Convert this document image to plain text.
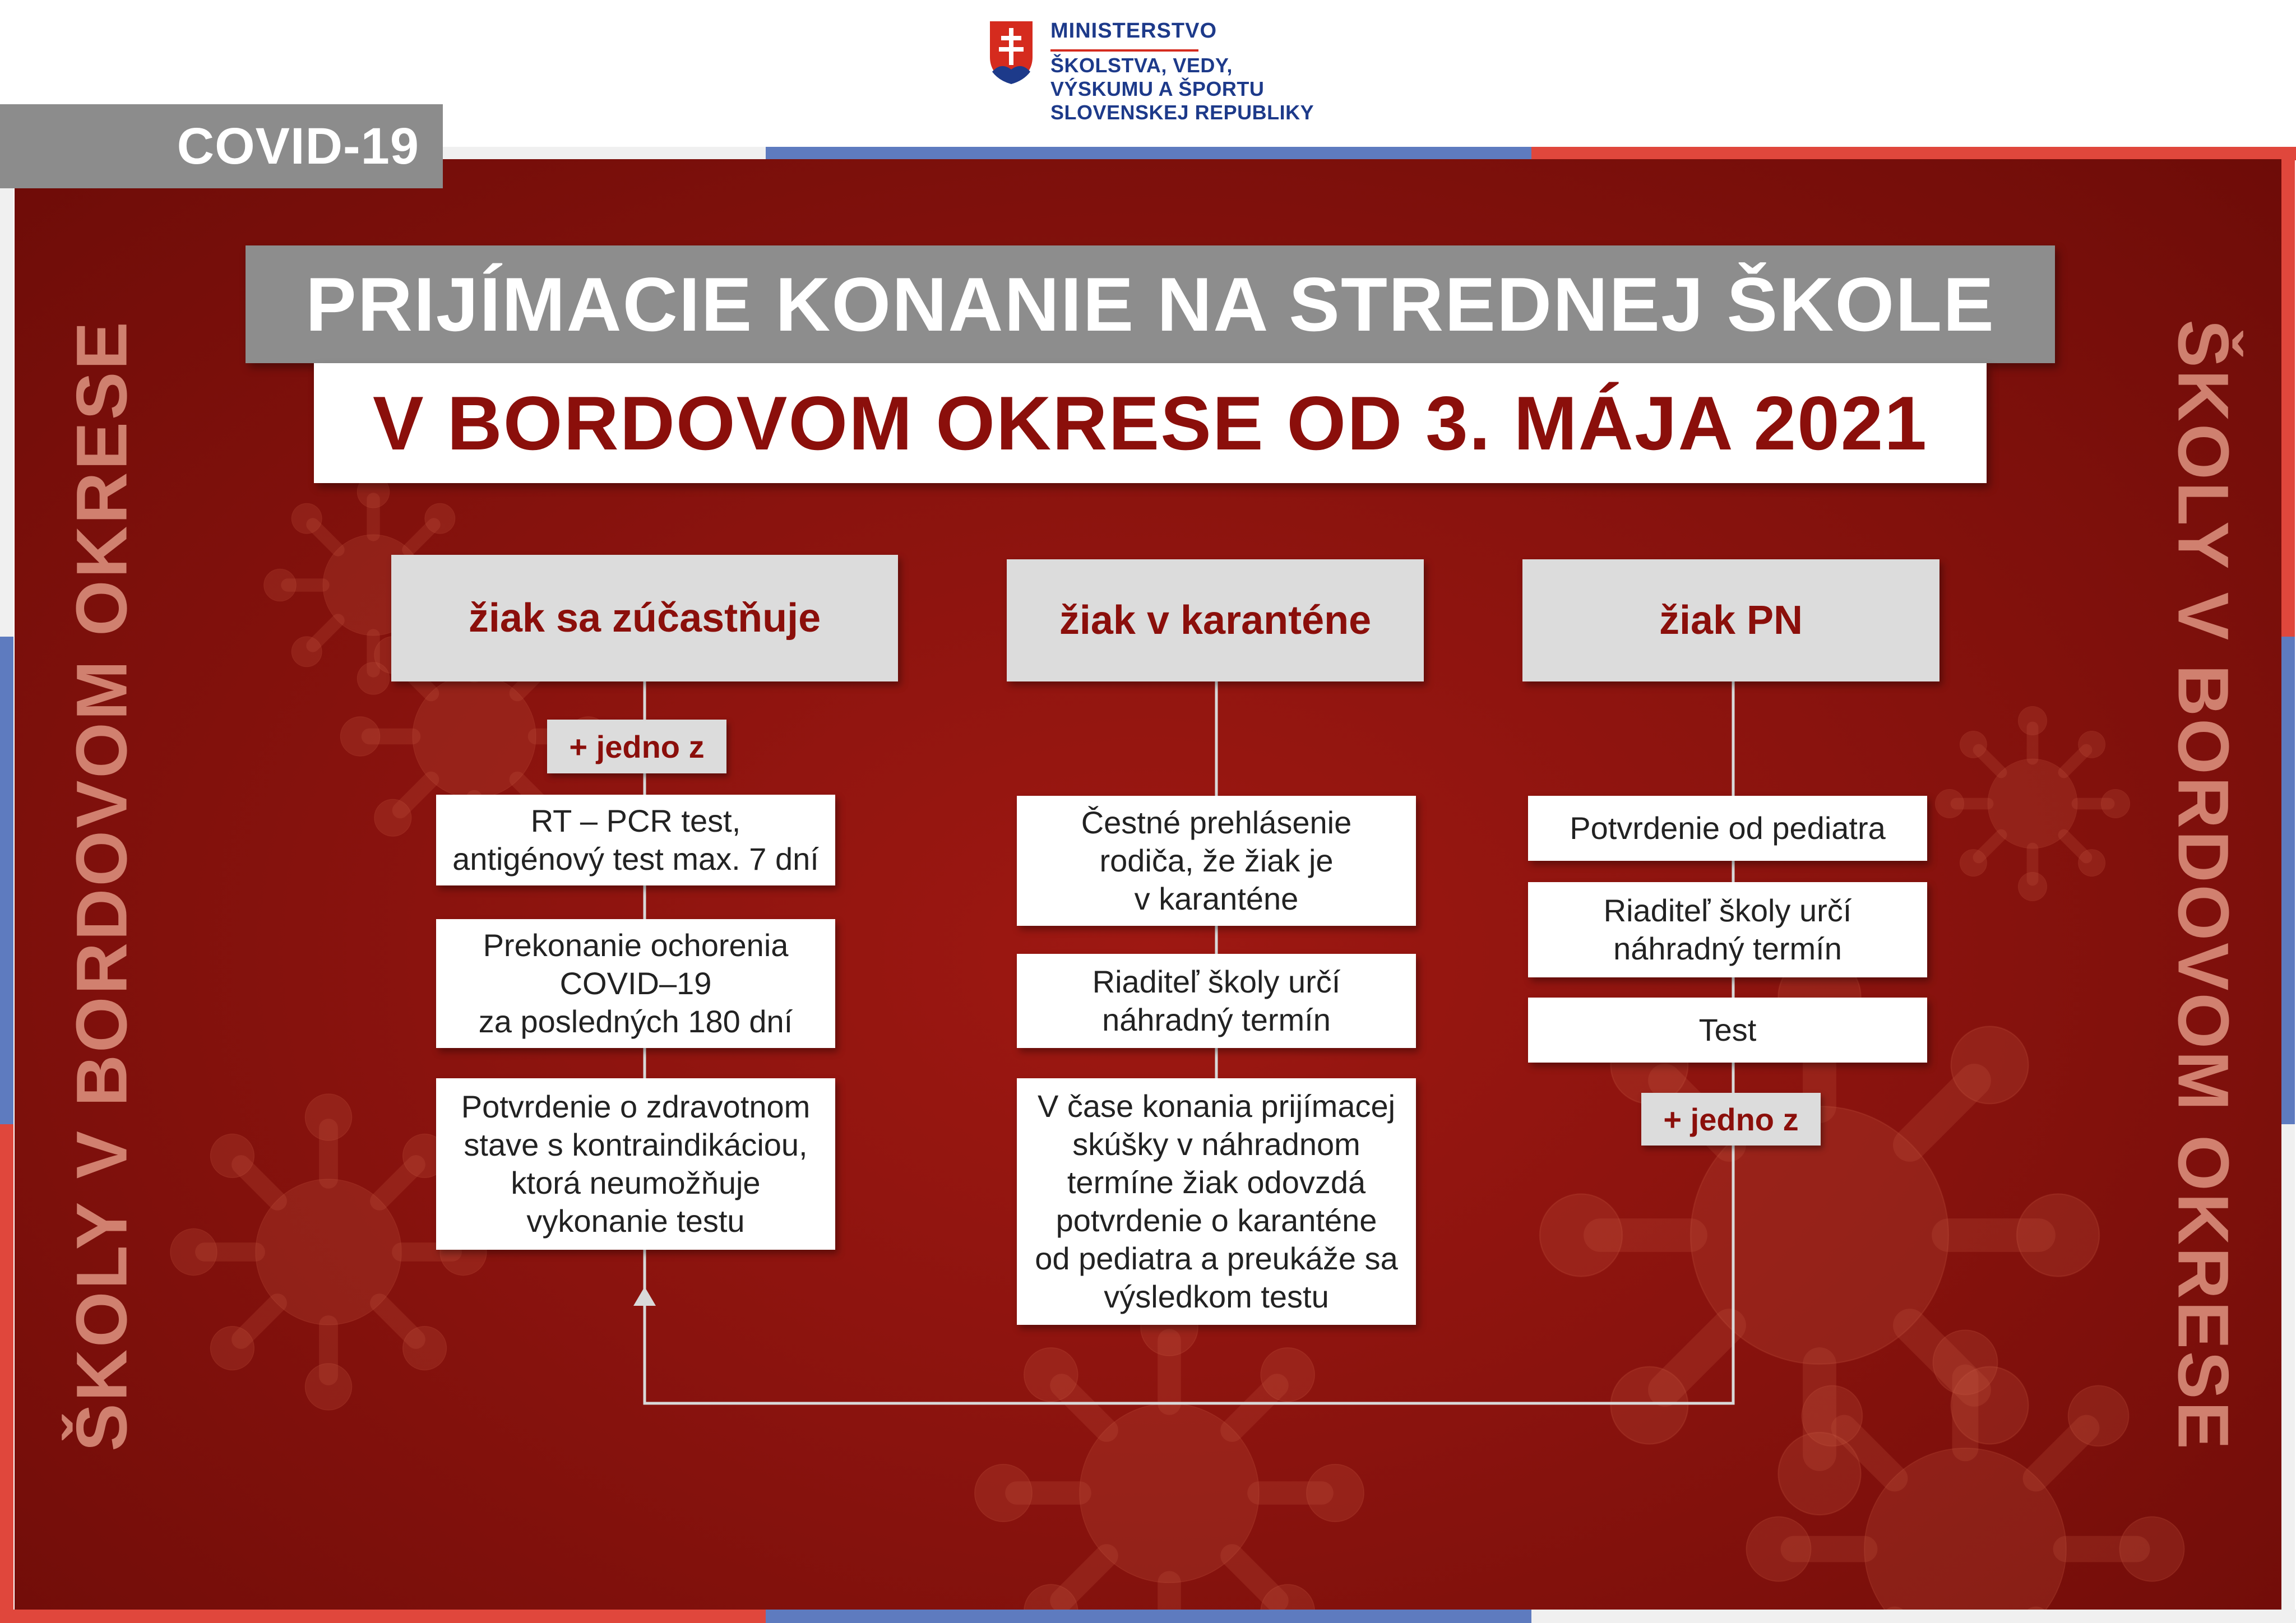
MINISTERSTVO
ŠKOLSTVA, VEDY,
VÝSKUMU A ŠPORTU
SLOVENSKEJ REPUBLIKY
COVID-19
PRIJÍMACIE KONANIE NA STREDNEJ ŠKOLE
V BORDOVOM OKRESE OD 3. MÁJA 2021
ŠKOLY V BORDOVOM OKRESE	ŠKOLY V BORDOVOM OKRESE
žiak sa zúčastňuje
+ jedno z
RT – PCR test,
antigénový test max. 7 dní
Prekonanie ochorenia
COVID–19
za posledných 180 dní
Potvrdenie o zdravotnom
stave s kontraindikáciou,
ktorá neumožňuje
vykonanie testu
žiak v karanténe
Čestné prehlásenie
rodiča, že žiak je
v karanténe
Riaditeľ školy určí
náhradný termín
V čase konania prijímacej
skúšky v náhradnom
termíne žiak odovzdá
potvrdenie o karanténe
od pediatra a preukáže sa
výsledkom testu
žiak PN
Potvrdenie od pediatra
Riaditeľ školy určí
náhradný termín
Test
+ jedno z
